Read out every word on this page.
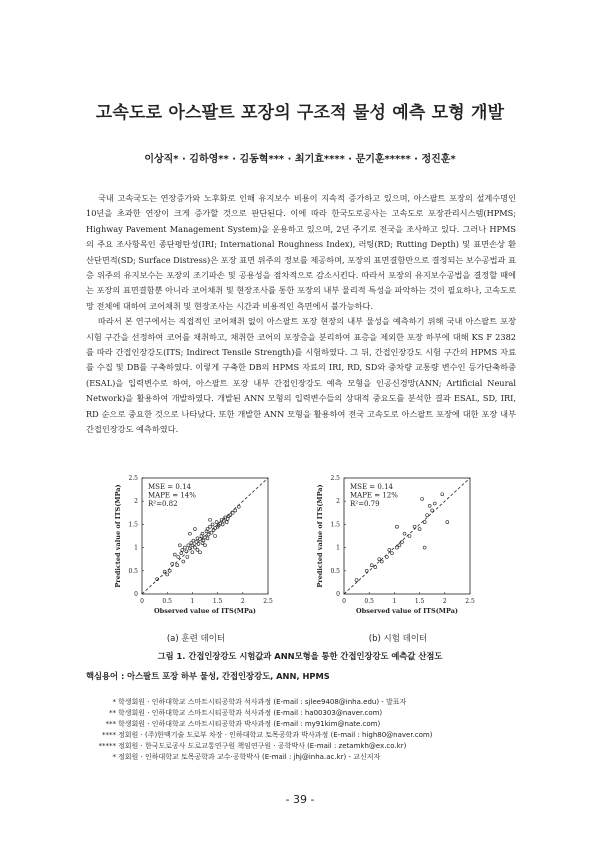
고속도로 아스팔트 포장의 구조적 물성 예측 모형 개발
이상직* · 김하영** · 김동혁*** · 최기효**** · 문기훈***** · 정진훈*

국내 고속국도는 연장증가와 노후화로 인해 유지보수 비용이 지속적 증가하고 있으며, 아스팔트 포장의 설계수명인 10년을 초과한 연장이 크게 증가할 것으로 판단된다. 이에 따라 한국도로공사는 고속도로 포장관리시스템(HPMS; Highway Pavement Management System)을 운용하고 있으며, 2년 주기로 전국을 조사하고 있다. 그러나 HPMS의 주요 조사항목인 종단평탄성(IRI; International Roughness Index), 러팅(RD; Rutting Depth) 및 표면손상 환산단면적(SD; Surface Distress)은 포장 표면 위주의 정보를 제공하며, 포장의 표면결함만으로 결정되는 보수공법과 표층 위주의 유지보수는 포장의 조기파손 및 공용성을 점차적으로 감소시킨다. 따라서 포장의 유지보수공법을 결정할 때에는 포장의 표면결함뿐 아니라 코어채취 및 현장조사를 통한 포장의 내부 물리적 특성을 파악하는 것이 필요하나, 고속도로망 전체에 대하여 코어채취 및 현장조사는 시간과 비용적인 측면에서 불가능하다.

따라서 본 연구에서는 직접적인 코어채취 없이 아스팔트 포장 현장의 내부 물성을 예측하기 위해 국내 아스팔트 포장 시험 구간을 선정하여 코어를 채취하고, 채취한 코어의 포장층을 분리하여 표층을 제외한 포장 하부에 대해 KS F 2382를 따라 간접인장강도(ITS; Indirect Tensile Strength)를 시험하였다. 그 뒤, 간접인장강도 시험 구간의 HPMS 자료를 수집 및 DB를 구축하였다. 이렇게 구축한 DB의 HPMS 자료의 IRI, RD, SD와 중차량 교통량 변수인 등가단축하중(ESAL)을 입력변수로 하여, 아스팔트 포장 내부 간접인장강도 예측 모형을 인공신경망(ANN; Artificial Neural Network)을 활용하여 개발하였다. 개발된 ANN 모형의 입력변수들의 상대적 중요도를 분석한 결과 ESAL, SD, IRI, RD 순으로 중요한 것으로 나타났다. 또한 개발한 ANN 모형을 활용하여 전국 고속도로 아스팔트 포장에 대한 포장 내부 간접인장강도 예측하였다.

0	0.5	1	1.5	2	2.5
0
0.5
1
1.5
2
2.5
MSE = 0.14
MAPE = 14%
R²=0.82
Observed value of ITS(MPa)
Predicted value of ITS(MPa)
0	0.5	1	1.5	2	2.5
0
0.5
1
1.5
2
2.5
MSE = 0.14
MAPE = 12%
R²=0.79
Observed value of ITS(MPa)
Predicted value of ITS(MPa)
(a) 훈련 데이터	(b) 시험 데이터
그림 1. 간접인장강도 시험값과 ANN모형을 통한 간접인장강도 예측값 산점도
핵심용어 : 아스팔트 포장 하부 물성, 간접인장강도, ANN, HPMS
* 학생회원 · 인하대학교 스마트시티공학과 석사과정 (E-mail : sjlee9408@inha.edu) - 발표자
** 학생회원 · 인하대학교 스마트시티공학과 석사과정 (E-mail : ha00303@naver.com)
*** 학생회원 · 인하대학교 스마트시티공학과 박사과정 (E-mail : my91kim@nate.com)
**** 정회원 · (주)한맥기술 도로부 차장 · 인하대학교 토목공학과 박사과정 (E-mail : high80@naver.com)
***** 정회원 · 한국도로공사 도로교통연구원 책임연구원 · 공학박사 (E-mail : zetamkh@ex.co.kr)
* 정회원 · 인하대학교 토목공학과 교수·공학박사 (E-mail : jhj@inha.ac.kr) - 교신저자
- 39 -
